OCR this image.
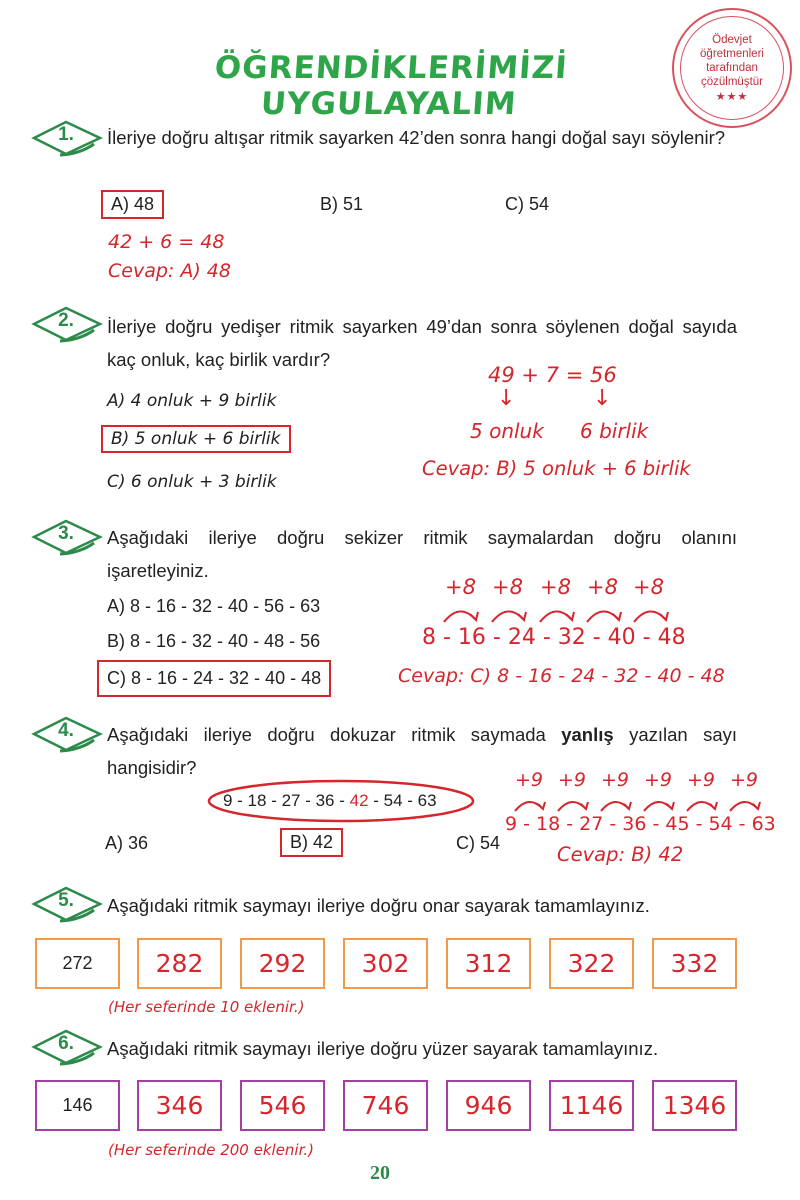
ÖĞRENDİKLERİMİZİ UYGULAYALIM
Ödevjet
öğretmenleri
tarafından
çözülmüştür
★★★
1.	İleriye doğru altışar ritmik sayarken 42’den sonra hangi doğal sayı söylenir?
A) 48	B) 51	C) 54
42 + 6 = 48
Cevap: A) 48
2.	İleriye doğru yedişer ritmik sayarken 49’dan sonra söylenen doğal sayıda kaç onluk, kaç birlik vardır?
A) 4 onluk + 9 birlik
B) 5 onluk + 6 birlik
C) 6 onluk + 3 birlik
49 + 7 = 56
↓	↓
5 onluk 6 birlik
Cevap: B) 5 onluk + 6 birlik
3.	Aşağıdaki ileriye doğru sekizer ritmik saymalardan doğru olanını işaretleyiniz.
A) 8 - 16 - 32 - 40 - 56 - 63
B) 8 - 16 - 32 - 40 - 48 - 56
C) 8 - 16 - 24 - 32 - 40 - 48
+8 +8 +8 +8 +8
8 - 16 - 24 - 32 - 40 - 48
Cevap: C) 8 - 16 - 24 - 32 - 40 - 48
4.	Aşağıdaki ileriye doğru dokuzar ritmik saymada yanlış yazılan sayı hangisidir?
9 - 18 - 27 - 36 - 42 - 54 - 63
A) 36	B) 42	C) 54
+9 +9 +9 +9 +9 +9
9 - 18 - 27 - 36 - 45 - 54 - 63
Cevap: B) 42
5.	Aşağıdaki ritmik saymayı ileriye doğru onar sayarak tamamlayınız.
272	282 292 302 312 322 332
(Her seferinde 10 eklenir.)
6.	Aşağıdaki ritmik saymayı ileriye doğru yüzer sayarak tamamlayınız.
146	346 546 746 946 1146 1346
(Her seferinde 200 eklenir.)
20
